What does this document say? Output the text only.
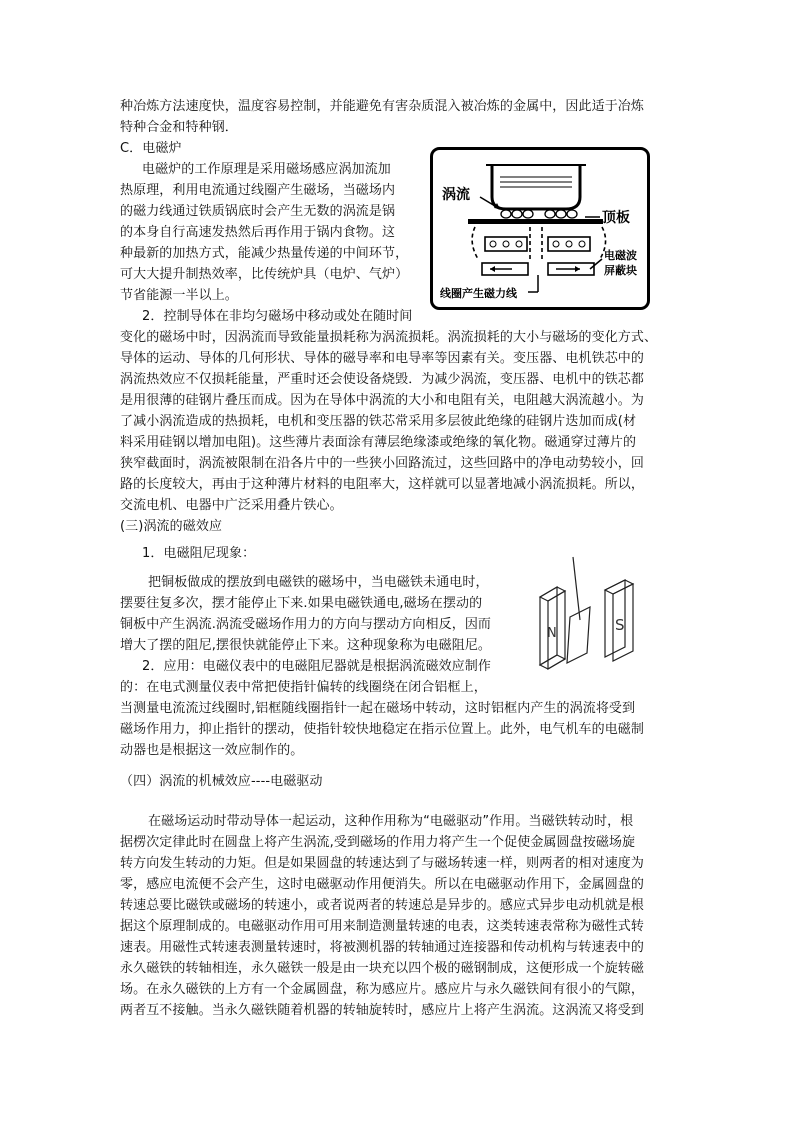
种冶炼方法速度快，温度容易控制，并能避免有害杂质混入被冶炼的金属中，因此适于冶炼
特种合金和特种钢．
C．电磁炉
电磁炉的工作原理是采用磁场感应涡加流加
热原理，利用电流通过线圈产生磁场，当磁场内
的磁力线通过铁质锅底时会产生无数的涡流是锅
的本身自行高速发热然后再作用于锅内食物。这
种最新的加热方式，能减少热量传递的中间环节，
可大大提升制热效率，比传统炉具（电炉、气炉）
节省能源一半以上。
2．控制导体在非均匀磁场中移动或处在随时间
变化的磁场中时，因涡流而导致能量损耗称为涡流损耗。涡流损耗的大小与磁场的变化方式、
导体的运动、导体的几何形状、导体的磁导率和电导率等因素有关。变压器、电机铁芯中的
涡流热效应不仅损耗能量，严重时还会使设备烧毁．为减少涡流，变压器、电机中的铁芯都
是用很薄的硅钢片叠压而成。因为在导体中涡流的大小和电阻有关，电阻越大涡流越小。为
了减小涡流造成的热损耗，电机和变压器的铁芯常采用多层彼此绝缘的硅钢片迭加而成(材
料采用硅钢以增加电阻)。这些薄片表面涂有薄层绝缘漆或绝缘的氧化物。磁通穿过薄片的
狭窄截面时，涡流被限制在沿各片中的一些狭小回路流过，这些回路中的净电动势较小，回
路的长度较大，再由于这种薄片材料的电阻率大，这样就可以显著地减小涡流损耗。所以，
交流电机、电器中广泛采用叠片铁心。
(三)涡流的磁效应
1．电磁阻尼现象：
把铜板做成的摆放到电磁铁的磁场中，当电磁铁未通电时，
摆要往复多次，摆才能停止下来.如果电磁铁通电,磁场在摆动的
铜板中产生涡流.涡流受磁场作用力的方向与摆动方向相反，因而
增大了摆的阻尼,摆很快就能停止下来。这种现象称为电磁阻尼。
2．应用：电磁仪表中的电磁阻尼器就是根据涡流磁效应制作
的：在电式测量仪表中常把使指针偏转的线圈绕在闭合铝框上，
当测量电流流过线圈时,铝框随线圈指针一起在磁场中转动，这时铝框内产生的涡流将受到
磁场作用力，抑止指针的摆动，使指针较快地稳定在指示位置上。此外，电气机车的电磁制
动器也是根据这一效应制作的。
（四）涡流的机械效应----电磁驱动
在磁场运动时带动导体一起运动，这种作用称为“电磁驱动”作用。当磁铁转动时，根
据楞次定律此时在圆盘上将产生涡流,受到磁场的作用力将产生一个促使金属圆盘按磁场旋
转方向发生转动的力矩。但是如果圆盘的转速达到了与磁场转速一样，则两者的相对速度为
零，感应电流便不会产生，这时电磁驱动作用便消失。所以在电磁驱动作用下，金属圆盘的
转速总要比磁铁或磁场的转速小，或者说两者的转速总是异步的。感应式异步电动机就是根
据这个原理制成的。电磁驱动作用可用来制造测量转速的电表，这类转速表常称为磁性式转
速表。用磁性式转速表测量转速时，将被测机器的转轴通过连接器和传动机构与转速表中的
永久磁铁的转轴相连，永久磁铁一般是由一块充以四个极的磁钢制成，这便形成一个旋转磁
场。在永久磁铁的上方有一个金属圆盘，称为感应片。感应片与永久磁铁间有很小的气隙，
两者互不接触。当永久磁铁随着机器的转轴旋转时，感应片上将产生涡流。这涡流又将受到
涡流
顶板
电磁波
屏蔽块
线圈产生磁力线
N	S
